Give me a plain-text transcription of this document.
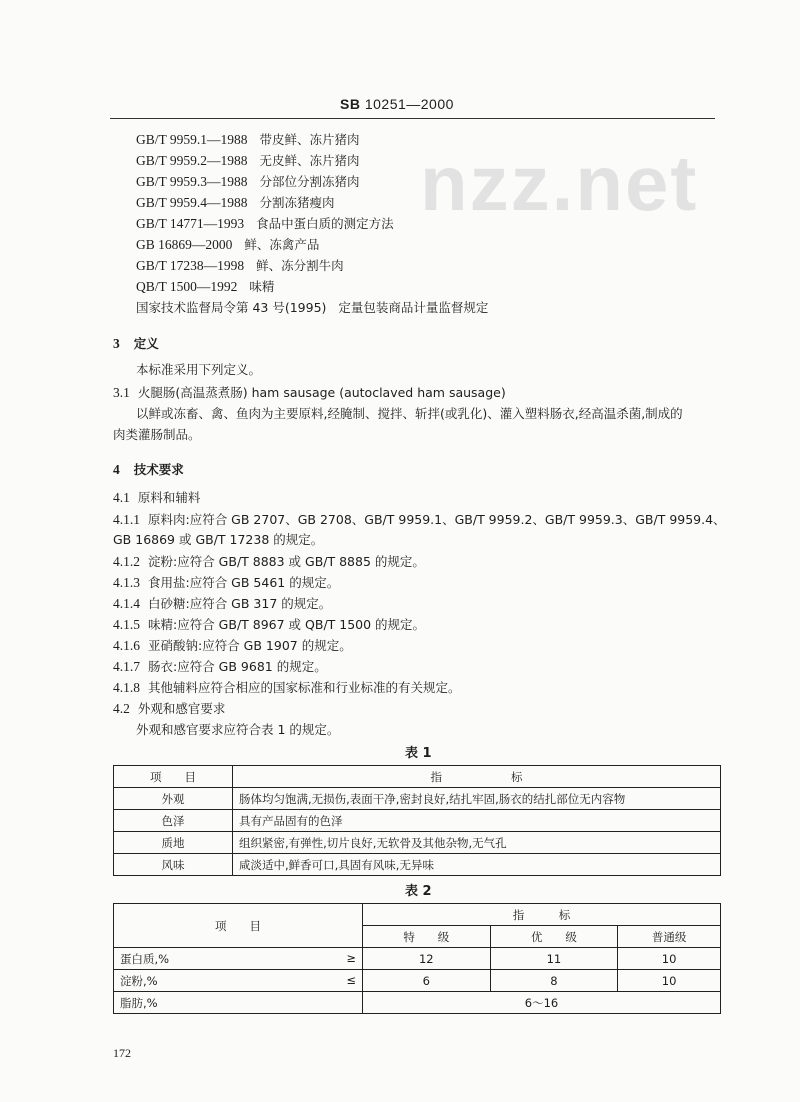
nzz.net
SB 10251—2000
GB/T 9959.1—1988 带皮鲜、冻片猪肉
GB/T 9959.2—1988 无皮鲜、冻片猪肉
GB/T 9959.3—1988 分部位分割冻猪肉
GB/T 9959.4—1988 分割冻猪瘦肉
GB/T 14771—1993 食品中蛋白质的测定方法
GB 16869—2000 鲜、冻禽产品
GB/T 17238—1998 鲜、冻分割牛肉
QB/T 1500—1992 味精
国家技术监督局令第 43 号(1995) 定量包装商品计量监督规定
3 定义
本标准采用下列定义。
3.1 火腿肠(高温蒸煮肠) ham sausage (autoclaved ham sausage)
以鲜或冻畜、禽、鱼肉为主要原料,经腌制、搅拌、斩拌(或乳化)、灌入塑料肠衣,经高温杀菌,制成的
肉类灌肠制品。
4 技术要求
4.1 原料和辅料
4.1.1 原料肉:应符合 GB 2707、GB 2708、GB/T 9959.1、GB/T 9959.2、GB/T 9959.3、GB/T 9959.4、
GB 16869 或 GB/T 17238 的规定。
4.1.2 淀粉:应符合 GB/T 8883 或 GB/T 8885 的规定。
4.1.3 食用盐:应符合 GB 5461 的规定。
4.1.4 白砂糖:应符合 GB 317 的规定。
4.1.5 味精:应符合 GB/T 8967 或 QB/T 1500 的规定。
4.1.6 亚硝酸钠:应符合 GB 1907 的规定。
4.1.7 肠衣:应符合 GB 9681 的规定。
4.1.8 其他辅料应符合相应的国家标准和行业标准的有关规定。
4.2 外观和感官要求
外观和感官要求应符合表 1 的规定。
表 1
项　　目	指　　　　　　标
外观	肠体均匀饱满,无损伤,表面干净,密封良好,结扎牢固,肠衣的结扎部位无内容物
色泽	具有产品固有的色泽
质地	组织紧密,有弹性,切片良好,无软骨及其他杂物,无气孔
风味	咸淡适中,鲜香可口,具固有风味,无异味
表 2
项　　目	指　　　标		
	特　　级	优　　级	普通级
蛋白质,% ≥	12	11	10
淀粉,% ≤	6	8	10
脂肪,%	6～16		
172
